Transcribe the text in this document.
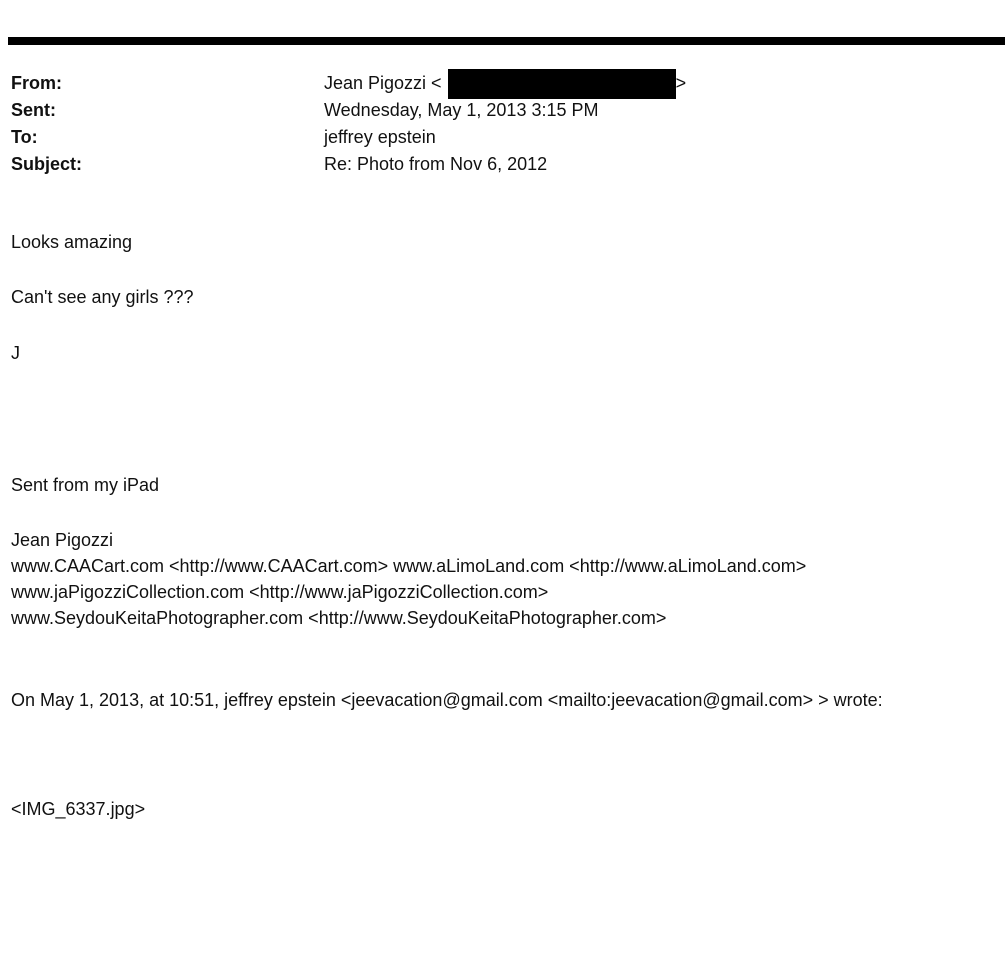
From:	Jean Pigozzi <	>
Sent:	Wednesday, May 1, 2013 3:15 PM
To:	jeffrey epstein
Subject:	Re: Photo from Nov 6, 2012
Looks amazing
Can't see any girls ???
J
Sent from my iPad
Jean Pigozzi
www.CAACart.com <http://www.CAACart.com> www.aLimoLand.com <http://www.aLimoLand.com>
www.jaPigozziCollection.com <http://www.jaPigozziCollection.com>
www.SeydouKeitaPhotographer.com <http://www.SeydouKeitaPhotographer.com>
On May 1, 2013, at 10:51, jeffrey epstein <jeevacation@gmail.com <mailto:jeevacation@gmail.com> > wrote:
<IMG_6337.jpg>
